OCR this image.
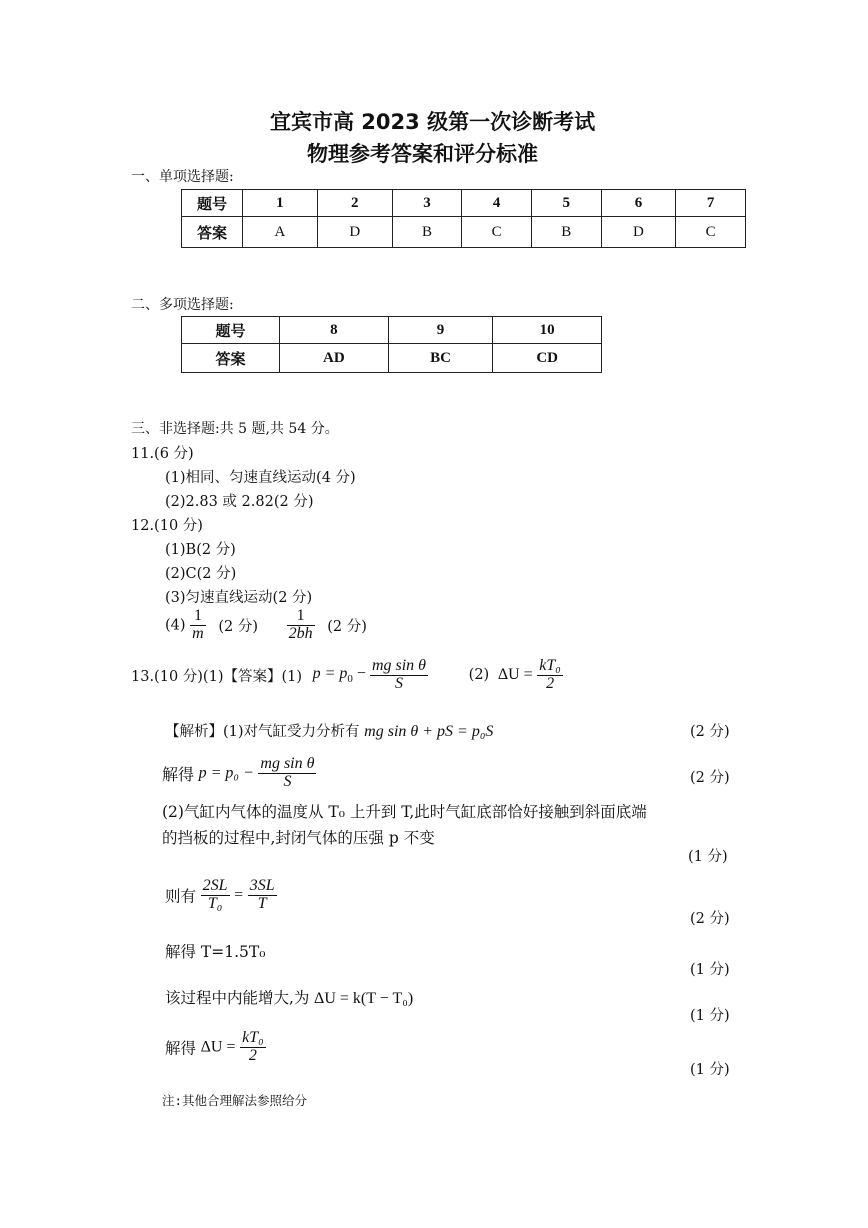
宜宾市高 2023 级第一次诊断考试
物理参考答案和评分标准
一、单项选择题:
题号	1	2	3	4	5	6	7
答案	A	D	B	C	B	D	C
二、多项选择题:
题号	8	9	10
答案	AD	BC	CD
三、非选择题:共 5 题,共 54 分。
11.(6 分)
(1)相同、匀速直线运动(4 分)
(2)2.83 或 2.82(2 分)
12.(10 分)
(1)B(2 分)
(2)C(2 分)
(3)匀速直线运动(2 分)
$(4) \frac{1}{m} (2$ 分) $\frac{1}{2bh} (2$ 分)
13.(10 分)(1)【答案】(1) $p = p_0 - \frac{\text{mg sin θ}}{S}$	(2) $\Delta U = \frac{\text{kT₀}}{2}$
【解析】(1)对气缸受力分析有 mg sin θ + pS = p₀S	(2 分)
解得 $p = p_0 - \frac{\text{mg sin θ}}{S}$	(2 分)
(2)气缸内气体的温度从 T₀ 上升到 T,此时气缸底部恰好接触到斜面底端
的挡板的过程中,封闭气体的压强 p 不变
(1 分)
则有 $\frac{2SL}{\text{T₀}} = \frac{3SL}{T}$
(2 分)
解得 T=1.5T₀
(1 分)
该过程中内能增大,为 ΔU = k(T − T₀)
(1 分)
解得 $\Delta U = \frac{\text{kT₀}}{2}$
(1 分)
注:其他合理解法参照给分
